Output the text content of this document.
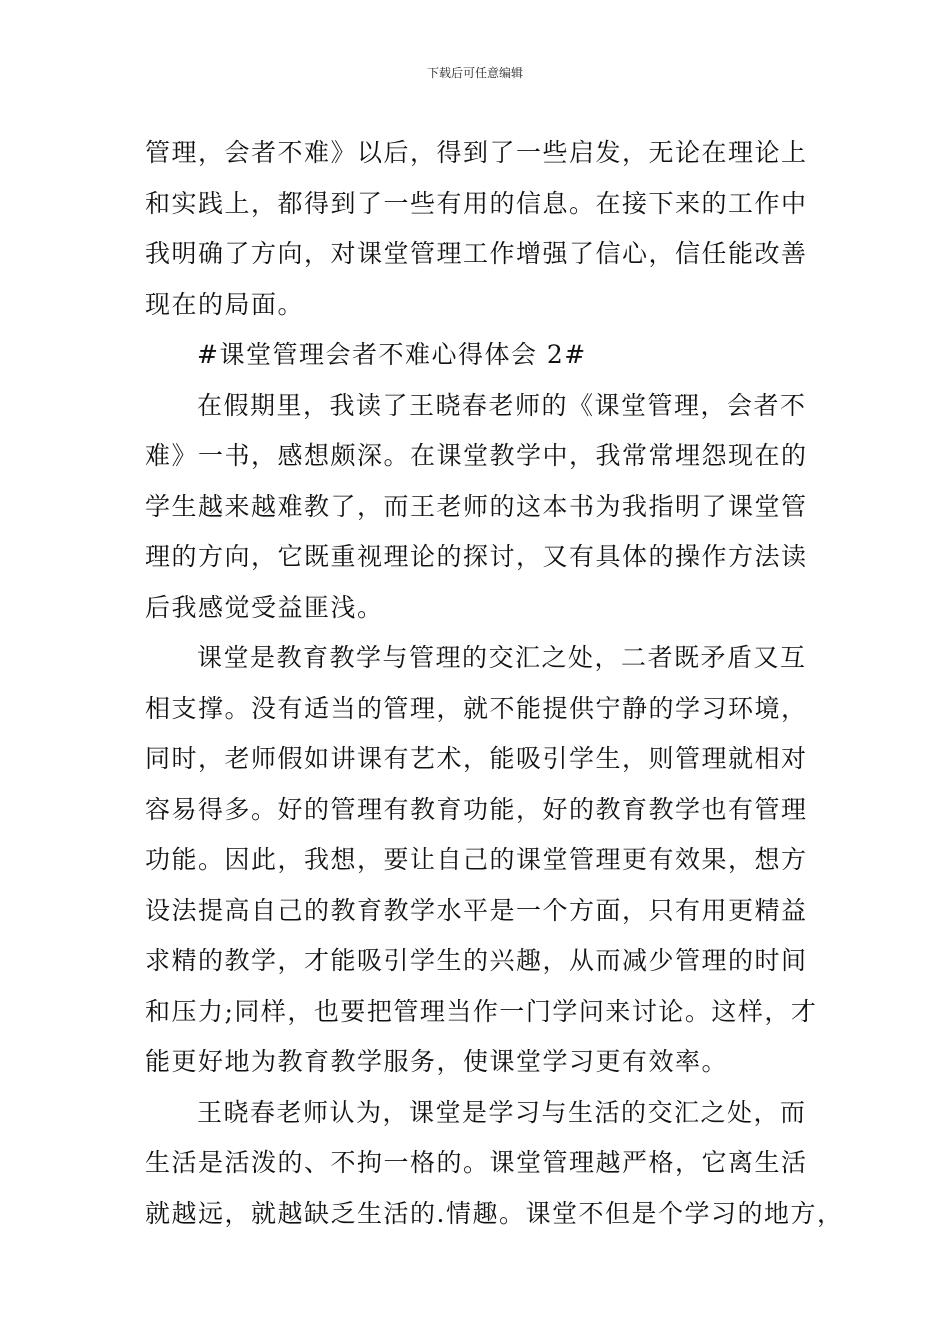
下载后可任意编辑
管理，会者不难》以后，得到了一些启发，无论在理论上
和实践上，都得到了一些有用的信息。在接下来的工作中
我明确了方向，对课堂管理工作增强了信心，信任能改善
现在的局面。
#课堂管理会者不难心得体会 2#
在假期里，我读了王晓春老师的《课堂管理，会者不
难》一书，感想颇深。在课堂教学中，我常常埋怨现在的
学生越来越难教了，而王老师的这本书为我指明了课堂管
理的方向，它既重视理论的探讨，又有具体的操作方法读
后我感觉受益匪浅。
课堂是教育教学与管理的交汇之处，二者既矛盾又互
相支撑。没有适当的管理，就不能提供宁静的学习环境，
同时，老师假如讲课有艺术，能吸引学生，则管理就相对
容易得多。好的管理有教育功能，好的教育教学也有管理
功能。因此，我想，要让自己的课堂管理更有效果，想方
设法提高自己的教育教学水平是一个方面，只有用更精益
求精的教学，才能吸引学生的兴趣，从而减少管理的时间
和压力;同样，也要把管理当作一门学问来讨论。这样，才
能更好地为教育教学服务，使课堂学习更有效率。
王晓春老师认为，课堂是学习与生活的交汇之处，而
生活是活泼的、不拘一格的。课堂管理越严格，它离生活
就越远，就越缺乏生活的.情趣。课堂不但是个学习的地方，
